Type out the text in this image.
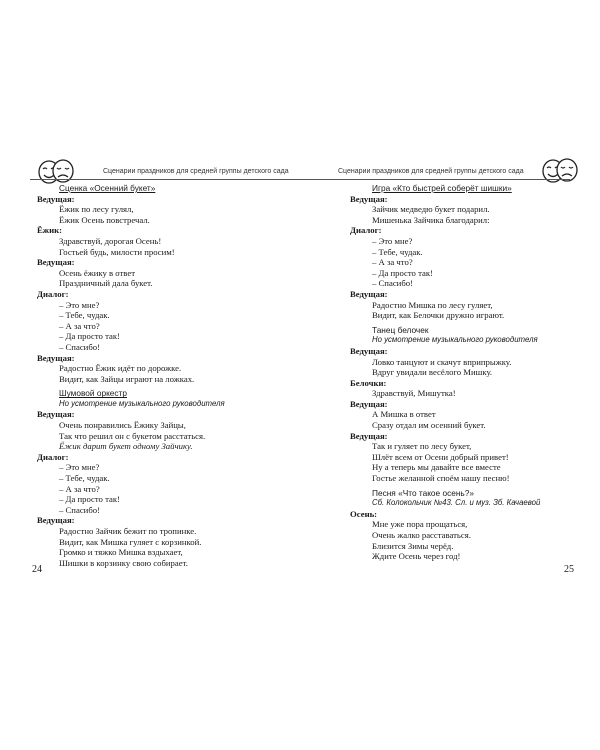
Сценарии праздников для средней группы детского сада
Сценка «Осенний букет»
Ведущая:
Ёжик по лесу гулял,
Ёжик Осень повстречал.
Ёжик:
Здравствуй, дорогая Осень!
Гостьей будь, милости просим!
Ведущая:
Осень ёжику в ответ
Праздничный дала букет.
Диалог:
– Это мне?
– Тебе, чудак.
– А за что?
– Да просто так!
– Спасибо!
Ведущая:
Радостно Ёжик идёт по дорожке.
Видит, как Зайцы играют на ложках.
Шумовой оркестр
Но усмотрение музыкального руководителя
Ведущая:
Очень понравились Ёжику Зайцы,
Так что решил он с букетом расстаться.
Ёжик дарит букет одному Зайчику.
Диалог:
– Это мне?
– Тебе, чудак.
– А за что?
– Да просто так!
– Спасибо!
Ведущая:
Радостно Зайчик бежит по тропинке.
Видит, как Мишка гуляет с корзинкой.
Громко и тяжко Мишка вздыхает,
Шишки в корзинку свою собирает.
24
Сценарии праздников для средней группы детского сада
Игра «Кто быстрей соберёт шишки»
Ведущая:
Зайчик медведю букет подарил.
Мишенька Зайчика благодарил:
Диалог:
– Это мне?
– Тебе, чудак.
– А за что?
– Да просто так!
– Спасибо!
Ведущая:
Радостно Мишка по лесу гуляет,
Видит, как Белочки дружно играют.
Танец белочек
Но усмотрение музыкального руководителя
Ведущая:
Ловко танцуют и скачут вприпрыжку.
Вдруг увидали весёлого Мишку.
Белочки:
Здравствуй, Мишутка!
Ведущая:
А Мишка в ответ
Сразу отдал им осенний букет.
Ведущая:
Так и гуляет по лесу букет,
Шлёт всем от Осени добрый привет!
Ну а теперь мы давайте все вместе
Гостье желанной споём нашу песню!
Песня «Что такое осень?»
Сб. Колокольчик №43. Сл. и муз. Зб. Качаевой
Осень:
Мне уже пора прощаться,
Очень жалко расставаться.
Близится Зимы черёд.
Ждите Осень через год!
25
